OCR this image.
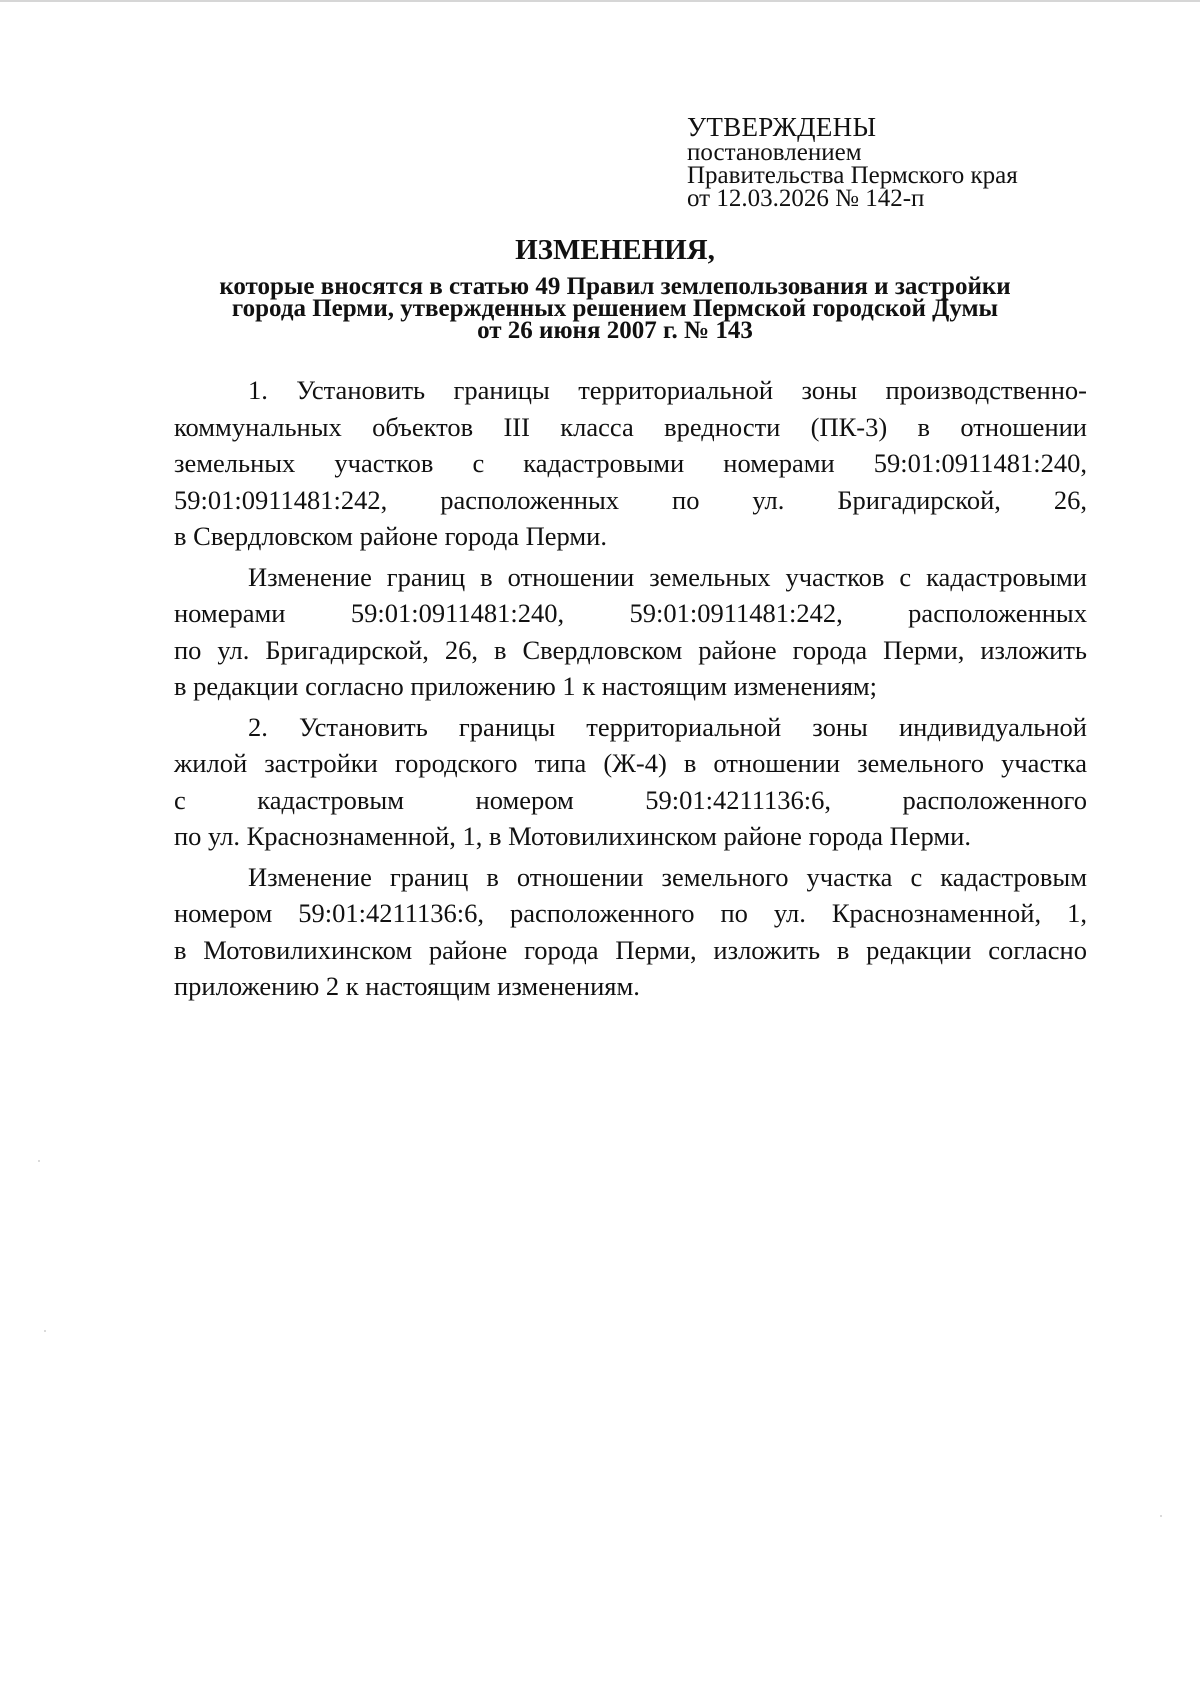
УТВЕРЖДЕНЫ
постановлением
Правительства Пермского края
от 12.03.2026 № 142-п
ИЗМЕНЕНИЯ,
которые вносятся в статью 49 Правил землепользования и застройки
города Перми, утвержденных решением Пермской городской Думы
от 26 июня 2007 г. № 143
1. Установить границы территориальной зоны производственно-
коммунальных объектов III класса вредности (ПК-3) в отношении
земельных участков с кадастровыми номерами 59:01:0911481:240,
59:01:0911481:242, расположенных по ул. Бригадирской, 26,
в Свердловском районе города Перми.
Изменение границ в отношении земельных участков с кадастровыми
номерами 59:01:0911481:240, 59:01:0911481:242, расположенных
по ул. Бригадирской, 26, в Свердловском районе города Перми, изложить
в редакции согласно приложению 1 к настоящим изменениям;
2. Установить границы территориальной зоны индивидуальной
жилой застройки городского типа (Ж-4) в отношении земельного участка
с кадастровым номером 59:01:4211136:6, расположенного
по ул. Краснознаменной, 1, в Мотовилихинском районе города Перми.
Изменение границ в отношении земельного участка с кадастровым
номером 59:01:4211136:6, расположенного по ул. Краснознаменной, 1,
в Мотовилихинском районе города Перми, изложить в редакции согласно
приложению 2 к настоящим изменениям.
